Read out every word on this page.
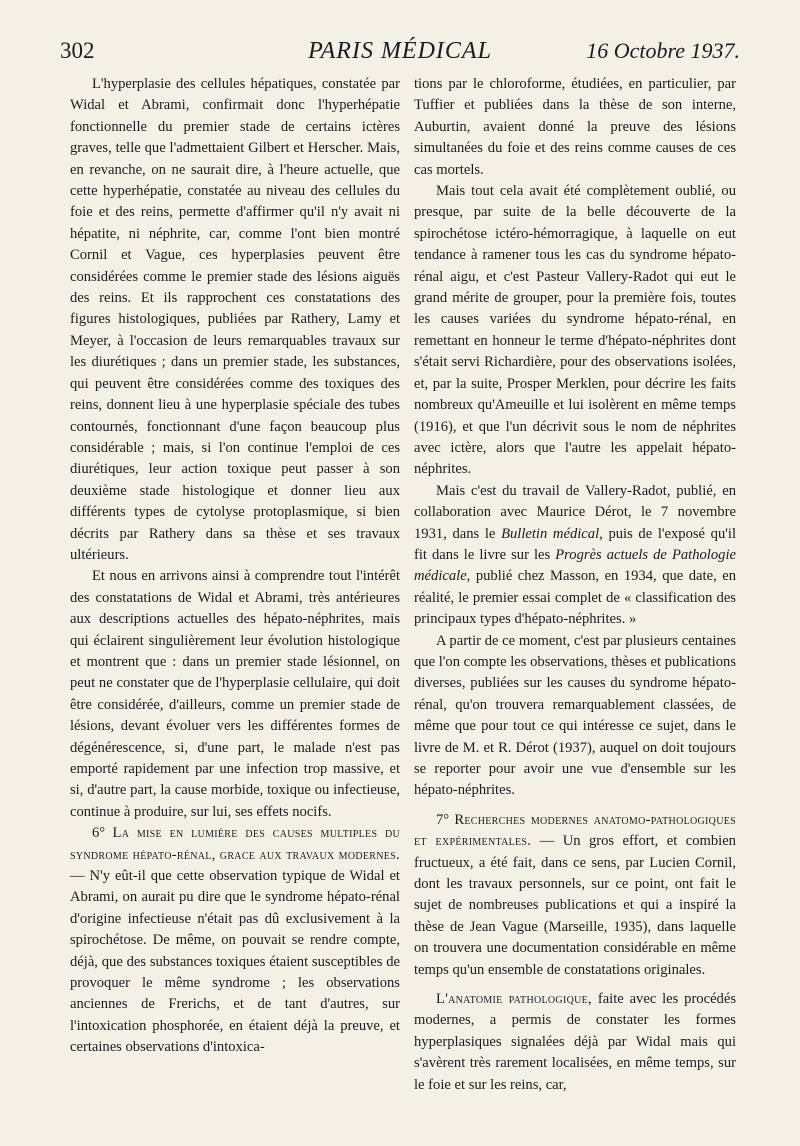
302	PARIS MÉDICAL	16 Octobre 1937.

L'hyperplasie des cellules hépatiques, constatée par Widal et Abrami, confirmait donc l'hyperhépatie fonctionnelle du premier stade de certains ictères graves, telle que l'admettaient Gilbert et Herscher. Mais, en revanche, on ne saurait dire, à l'heure actuelle, que cette hyperhépatie, constatée au niveau des cellules du foie et des reins, permette d'affirmer qu'il n'y avait ni hépatite, ni néphrite, car, comme l'ont bien montré Cornil et Vague, ces hyperplasies peuvent être considérées comme le premier stade des lésions aiguës des reins. Et ils rapprochent ces constatations des figures histologiques, publiées par Rathery, Lamy et Meyer, à l'occasion de leurs remarquables travaux sur les diurétiques ; dans un premier stade, les substances, qui peuvent être considérées comme des toxiques des reins, donnent lieu à une hyperplasie spéciale des tubes contournés, fonctionnant d'une façon beaucoup plus considérable ; mais, si l'on continue l'emploi de ces diurétiques, leur action toxique peut passer à son deuxième stade histologique et donner lieu aux différents types de cytolyse protoplasmique, si bien décrits par Rathery dans sa thèse et ses travaux ultérieurs.

Et nous en arrivons ainsi à comprendre tout l'intérêt des constatations de Widal et Abrami, très antérieures aux descriptions actuelles des hépato-néphrites, mais qui éclairent singulièrement leur évolution histologique et montrent que : dans un premier stade lésionnel, on peut ne constater que de l'hyperplasie cellulaire, qui doit être considérée, d'ailleurs, comme un premier stade de lésions, devant évoluer vers les différentes formes de dégénérescence, si, d'une part, le malade n'est pas emporté rapidement par une infection trop massive, et si, d'autre part, la cause morbide, toxique ou infectieuse, continue à produire, sur lui, ses effets nocifs.

6° La mise en lumière des causes multiples du syndrome hépato-rénal, grace aux travaux modernes. — N'y eût-il que cette observation typique de Widal et Abrami, on aurait pu dire que le syndrome hépato-rénal d'origine infectieuse n'était pas dû exclusivement à la spirochétose. De même, on pouvait se rendre compte, déjà, que des substances toxiques étaient susceptibles de provoquer le même syndrome ; les observations anciennes de Frerichs, et de tant d'autres, sur l'intoxication phosphorée, en étaient déjà la preuve, et certaines observations d'intoxica-

tions par le chloroforme, étudiées, en particulier, par Tuffier et publiées dans la thèse de son interne, Auburtin, avaient donné la preuve des lésions simultanées du foie et des reins comme causes de ces cas mortels.

Mais tout cela avait été complètement oublié, ou presque, par suite de la belle découverte de la spirochétose ictéro-hémorragique, à laquelle on eut tendance à ramener tous les cas du syndrome hépato-rénal aigu, et c'est Pasteur Vallery-Radot qui eut le grand mérite de grouper, pour la première fois, toutes les causes variées du syndrome hépato-rénal, en remettant en honneur le terme d'hépato-néphrites dont s'était servi Richardière, pour des observations isolées, et, par la suite, Prosper Merklen, pour décrire les faits nombreux qu'Ameuille et lui isolèrent en même temps (1916), et que l'un décrivit sous le nom de néphrites avec ictère, alors que l'autre les appelait hépato-néphrites.

Mais c'est du travail de Vallery-Radot, publié, en collaboration avec Maurice Dérot, le 7 novembre 1931, dans le Bulletin médical, puis de l'exposé qu'il fit dans le livre sur les Progrès actuels de Pathologie médicale, publié chez Masson, en 1934, que date, en réalité, le premier essai complet de « classification des principaux types d'hépato-néphrites. »

A partir de ce moment, c'est par plusieurs centaines que l'on compte les observations, thèses et publications diverses, publiées sur les causes du syndrome hépato-rénal, qu'on trouvera remarquablement classées, de même que pour tout ce qui intéresse ce sujet, dans le livre de M. et R. Dérot (1937), auquel on doit toujours se reporter pour avoir une vue d'ensemble sur les hépato-néphrites.

7° Recherches modernes anatomo-pathologiques et expérimentales. — Un gros effort, et combien fructueux, a été fait, dans ce sens, par Lucien Cornil, dont les travaux personnels, sur ce point, ont fait le sujet de nombreuses publications et qui a inspiré la thèse de Jean Vague (Marseille, 1935), dans laquelle on trouvera une documentation considérable en même temps qu'un ensemble de constatations originales.

L'anatomie pathologique, faite avec les procédés modernes, a permis de constater les formes hyperplasiques signalées déjà par Widal mais qui s'avèrent très rarement localisées, en même temps, sur le foie et sur les reins, car,
